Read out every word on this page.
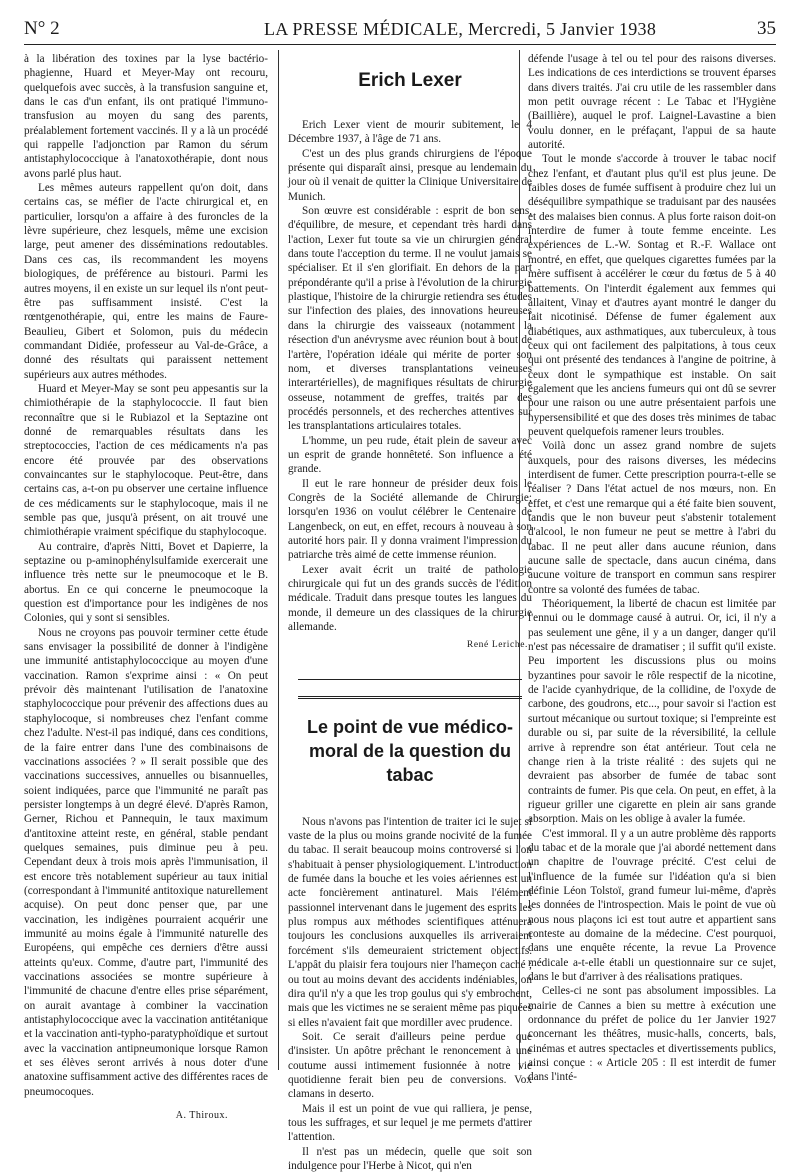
N° 2	LA PRESSE MÉDICALE, Mercredi, 5 Janvier 1938	35

à la libération des toxines par la lyse bactério-phagienne, Huard et Meyer-May ont recouru, quelquefois avec succès, à la transfusion sanguine et, dans le cas d'un enfant, ils ont pratiqué l'immuno-transfusion au moyen du sang des parents, préalablement fortement vaccinés. Il y a là un procédé qui rappelle l'adjonction par Ramon du sérum antistaphylococcique à l'anatoxothérapie, dont nous avons parlé plus haut.

Les mêmes auteurs rappellent qu'on doit, dans certains cas, se méfier de l'acte chirurgical et, en particulier, lorsqu'on a affaire à des furoncles de la lèvre supérieure, chez lesquels, même une excision large, peut amener des disséminations redoutables. Dans ces cas, ils recommandent les moyens biologiques, de préférence au bistouri. Parmi les autres moyens, il en existe un sur lequel ils n'ont peut-être pas suffisamment insisté. C'est la rœntgenothérapie, qui, entre les mains de Faure-Beaulieu, Gibert et Solomon, puis du médecin commandant Didiée, professeur au Val-de-Grâce, a donné des résultats qui paraissent nettement supérieurs aux autres méthodes.

Huard et Meyer-May se sont peu appesantis sur la chimiothérapie de la staphylococcie. Il faut bien reconnaître que si le Rubiazol et la Septazine ont donné de remarquables résultats dans les streptococcies, l'action de ces médicaments n'a pas encore été prouvée par des observations convaincantes sur le staphylocoque. Peut-être, dans certains cas, a-t-on pu observer une certaine influence de ces médicaments sur le staphylocoque, mais il ne semble pas que, jusqu'à présent, on ait trouvé une chimiothérapie vraiment spécifique du staphylocoque.

Au contraire, d'après Nitti, Bovet et Dapierre, la septazine ou p-aminophénylsulfamide exercerait une influence très nette sur le pneumocoque et le B. abortus. En ce qui concerne le pneumocoque la question est d'importance pour les indigènes de nos Colonies, qui y sont si sensibles.

Nous ne croyons pas pouvoir terminer cette étude sans envisager la possibilité de donner à l'indigène une immunité antistaphylococcique au moyen d'une vaccination. Ramon s'exprime ainsi : « On peut prévoir dès maintenant l'utilisation de l'anatoxine staphylococcique pour prévenir des affections dues au staphylocoque, si nombreuses chez l'enfant comme chez l'adulte. N'est-il pas indiqué, dans ces conditions, de la faire entrer dans l'une des combinaisons de vaccinations associées ? » Il serait possible que des vaccinations successives, annuelles ou bisannuelles, soient indiquées, parce que l'immunité ne paraît pas persister longtemps à un degré élevé. D'après Ramon, Gerner, Richou et Pannequin, le taux maximum d'antitoxine atteint reste, en général, stable pendant quelques semaines, puis diminue peu à peu. Cependant deux à trois mois après l'immunisation, il est encore très notablement supérieur au taux initial (correspondant à l'immunité antitoxique naturellement acquise). On peut donc penser que, par une vaccination, les indigènes pourraient acquérir une immunité au moins égale à l'immunité naturelle des Européens, qui empêche ces derniers d'être aussi atteints qu'eux. Comme, d'autre part, l'immunité des vaccinations associées se montre supérieure à l'immunité de chacune d'entre elles prise séparément, on aurait avantage à combiner la vaccination antistaphylococcique avec la vaccination antitétanique et la vaccination anti-typho-paratyphoïdique et surtout avec la vaccination antipneumonique lorsque Ramon et ses élèves seront arrivés à nous doter d'une anatoxine suffisamment active des différentes races de pneumocoques.

A. Thiroux.
Erich Lexer

Erich Lexer vient de mourir subitement, le 4 Décembre 1937, à l'âge de 71 ans.

C'est un des plus grands chirurgiens de l'époque présente qui disparaît ainsi, presque au lendemain du jour où il venait de quitter la Clinique Universitaire de Munich.

Son œuvre est considérable : esprit de bon sens, d'équilibre, de mesure, et cependant très hardi dans l'action, Lexer fut toute sa vie un chirurgien général dans toute l'acception du terme. Il ne voulut jamais se spécialiser. Et il s'en glorifiait. En dehors de la part prépondérante qu'il a prise à l'évolution de la chirurgie plastique, l'histoire de la chirurgie retiendra ses études sur l'infection des plaies, des innovations heureuses dans la chirurgie des vaisseaux (notamment la résection d'un anévrysme avec réunion bout à bout de l'artère, l'opération idéale qui mérite de porter son nom, et diverses transplantations veineuses interartérielles), de magnifiques résultats de chirurgie osseuse, notamment de greffes, traités par des procédés personnels, et des recherches attentives sur les transplantations articulaires totales.

L'homme, un peu rude, était plein de saveur avec un esprit de grande honnêteté. Son influence a été grande.

Il eut le rare honneur de présider deux fois le Congrès de la Société allemande de Chirurgie; lorsqu'en 1936 on voulut célébrer le Centenaire de Langenbeck, on eut, en effet, recours à nouveau à son autorité hors pair. Il y donna vraiment l'impression du patriarche très aimé de cette immense réunion.

Lexer avait écrit un traité de pathologie chirurgicale qui fut un des grands succès de l'édition médicale. Traduit dans presque toutes les langues du monde, il demeure un des classiques de la chirurgie allemande.

René Leriche.
Le point de vue médico-moral de la question du tabac

Nous n'avons pas l'intention de traiter ici le sujet si vaste de la plus ou moins grande nocivité de la fumée du tabac. Il serait beaucoup moins controversé si l'on s'habituait à penser physiologiquement. L'introduction de fumée dans la bouche et les voies aériennes est un acte foncièrement antinaturel. Mais l'élément passionnel intervenant dans le jugement des esprits les plus rompus aux méthodes scientifiques atténuera toujours les conclusions auxquelles ils arriveraient forcément s'ils demeuraient strictement objectifs. L'appât du plaisir fera toujours nier l'hameçon caché ; ou tout au moins devant des accidents indéniables, on dira qu'il n'y a que les trop goulus qui s'y embrochent, mais que les victimes ne se seraient même pas piquées si elles n'avaient fait que mordiller avec prudence.

Soit. Ce serait d'ailleurs peine perdue que d'insister. Un apôtre prêchant le renoncement à une coutume aussi intimement fusionnée à notre vie quotidienne ferait bien peu de conversions. Vox clamans in deserto.

Mais il est un point de vue qui ralliera, je pense, tous les suffrages, et sur lequel je me permets d'attirer l'attention.

Il n'est pas un médecin, quelle que soit son indulgence pour l'Herbe à Nicot, qui n'en

défende l'usage à tel ou tel pour des raisons diverses. Les indications de ces interdictions se trouvent éparses dans divers traités. J'ai cru utile de les rassembler dans mon petit ouvrage récent : Le Tabac et l'Hygiène (Baillière), auquel le prof. Laignel-Lavastine a bien voulu donner, en le préfaçant, l'appui de sa haute autorité.

Tout le monde s'accorde à trouver le tabac nocif chez l'enfant, et d'autant plus qu'il est plus jeune. De faibles doses de fumée suffisent à produire chez lui un déséquilibre sympathique se traduisant par des nausées et des malaises bien connus. A plus forte raison doit-on interdire de fumer à toute femme enceinte. Les expériences de L.-W. Sontag et R.-F. Wallace ont montré, en effet, que quelques cigarettes fumées par la mère suffisent à accélérer le cœur du fœtus de 5 à 40 battements. On l'interdit également aux femmes qui allaitent, Vinay et d'autres ayant montré le danger du lait nicotinisé. Défense de fumer également aux diabétiques, aux asthmatiques, aux tuberculeux, à tous ceux qui ont facilement des palpitations, à tous ceux qui ont présenté des tendances à l'angine de poitrine, à ceux dont le sympathique est instable. On sait également que les anciens fumeurs qui ont dû se sevrer pour une raison ou une autre présentaient parfois une hypersensibilité et que des doses très minimes de tabac peuvent quelquefois ramener leurs troubles.

Voilà donc un assez grand nombre de sujets auxquels, pour des raisons diverses, les médecins interdisent de fumer. Cette prescription pourra-t-elle se réaliser ? Dans l'état actuel de nos mœurs, non. En effet, et c'est une remarque qui a été faite bien souvent, tandis que le non buveur peut s'abstenir totalement d'alcool, le non fumeur ne peut se mettre à l'abri du tabac. Il ne peut aller dans aucune réunion, dans aucune salle de spectacle, dans aucun cinéma, dans aucune voiture de transport en commun sans respirer contre sa volonté des fumées de tabac.

Théoriquement, la liberté de chacun est limitée par l'ennui ou le dommage causé à autrui. Or, ici, il n'y a pas seulement une gêne, il y a un danger, danger qu'il n'est pas nécessaire de dramatiser ; il suffit qu'il existe. Peu importent les discussions plus ou moins byzantines pour savoir le rôle respectif de la nicotine, de l'acide cyanhydrique, de la collidine, de l'oxyde de carbone, des goudrons, etc..., pour savoir si l'action est surtout mécanique ou surtout toxique; si l'empreinte est durable ou si, par suite de la réversibilité, la cellule arrive à reprendre son état antérieur. Tout cela ne change rien à la triste réalité : des sujets qui ne devraient pas absorber de fumée de tabac sont contraints de fumer. Pis que cela. On peut, en effet, à la rigueur griller une cigarette en plein air sans grande absorption. Mais on les oblige à avaler la fumée.

C'est immoral. Il y a un autre problème dès rapports du tabac et de la morale que j'ai abordé nettement dans un chapitre de l'ouvrage précité. C'est celui de l'influence de la fumée sur l'idéation qu'a si bien définie Léon Tolstoï, grand fumeur lui-même, d'après les données de l'introspection. Mais le point de vue où nous nous plaçons ici est tout autre et appartient sans conteste au domaine de la médecine. C'est pourquoi, dans une enquête récente, la revue La Provence médicale a-t-elle établi un questionnaire sur ce sujet, dans le but d'arriver à des réalisations pratiques.

Celles-ci ne sont pas absolument impossibles. La mairie de Cannes a bien su mettre à exécution une ordonnance du préfet de police du 1er Janvier 1927 concernant les théâtres, music-halls, concerts, bals, cinémas et autres spectacles et divertissements publics, ainsi conçue : « Article 205 : Il est interdit de fumer dans l'inté-
